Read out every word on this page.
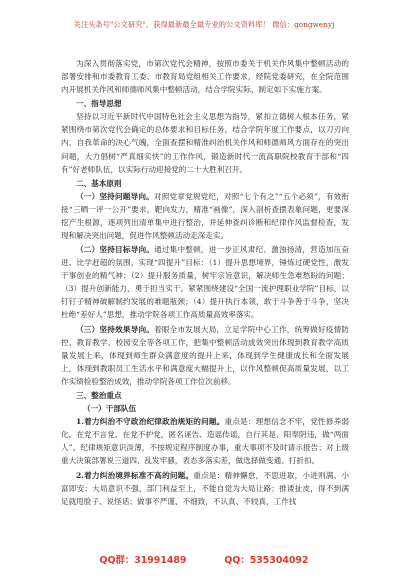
关注头条号"公文研究"，获得最新最全最专业的公文资料库！ 微信：gongwenyj

为深入贯彻落实党，市第次党代会精神，按照市委关于机关作风集中整顿活动的部署安排和市委教育工委、市教育局党组相关工作要求，经院党委研究，在全院范围内开展机关作风和师德师风集中整顿活动，结合学院实际，制定如下实施方案。

一、指导思想

坚持以习近平新时代中国特色社会主义思想为指导，紧扣立德树人根本任务，紧紧围绕市第次党代会确定的总体要求和目标任务，结合学院年度工作要点，以刀刃向内、自我革命的决心气魄，全面查摆和精准纠治机关作风和师德师风方面存在的突出问题，大力倡树“严真细实快”的工作作风，锻造新时代一流高职院校教育干部和“四有”好老师队伍，以实际行动迎接党的二十大胜利召开。

二、基本原则

（一）坚持问题导向。对照党章党规党纪，对照“七个有之”“五个必须”，有效衔接“三晒一评一公开”要求，靶向发力，精准“画像”，深入剖析查摆表象问题，更要深挖产生根源，逐项列出清单集中进行整治，并延伸查纠诊断和纪律作风监督检查，发现和解决突出问题，促进作风整顿活动走深走实。

（二）坚持目标导向。通过集中整顿，进一步正风肃纪、激浊扬清，营造加压奋进、比学赶超的氛围，实现“四提升”目标：（1）提升思想境界，锤炼过硬党性，激发干事创业的精气神；（2）提升服务质量，树牢宗旨意识，解决师生急难愁盼的问题；（3）提升创新能力，勇于担当实干。紧紧围绕建设“全国一流护理职业学院”目标，以钉钉子精神破解制约发展的难题瓶颈；（4）提升执行本领，敢于斗争善于斗争，坚决杜绝“差好人”思想，推动学院各项工作高质量高效率落实。

（三）坚持效果导向。着眼全市发展大局，立足学院中心工作，统筹做好疫情防控、教育教学、校园安全等各项工作，把集中整顿活动成效突出体现到教育教学高质量发展上来，体现到师生群众满意度的提升上来，体现到学生健康成长和全面发展上，体现到教职员工生活水平和满意度大幅提升上，以作风整顿促高质量发展，以工作实绩检验整治成效，推动学院各项工作位次前移。

三、整治重点
（一）干部队伍

1.着力纠治不守政治纪律政治规矩的问题。重点是：理想信念不牢，党性修养弱化，在党不言党、在党不护党，匿名诬告、造谣传谣，自行其是、阳奉阴违，做“两面人”。纪律规矩意识淡薄，不按规定程序制度办事，重大事项不及时请示报告；对上级重大决策部署说三道四、乱发牢骚，表态多落实差，做选择做变通、打折扣。

2.着力纠治境界标准不高的问题。重点是：精神懈怠，不思进取，小进则满、小富即安；大局意识不强，部门利益至上，不能自觉为大局让路；推诿扯皮，得不到满足就甩脸子、说怪话；做事不严谨、不细致，不认真、不较真，工作找

QQ群：31991489	QQ：535304092
